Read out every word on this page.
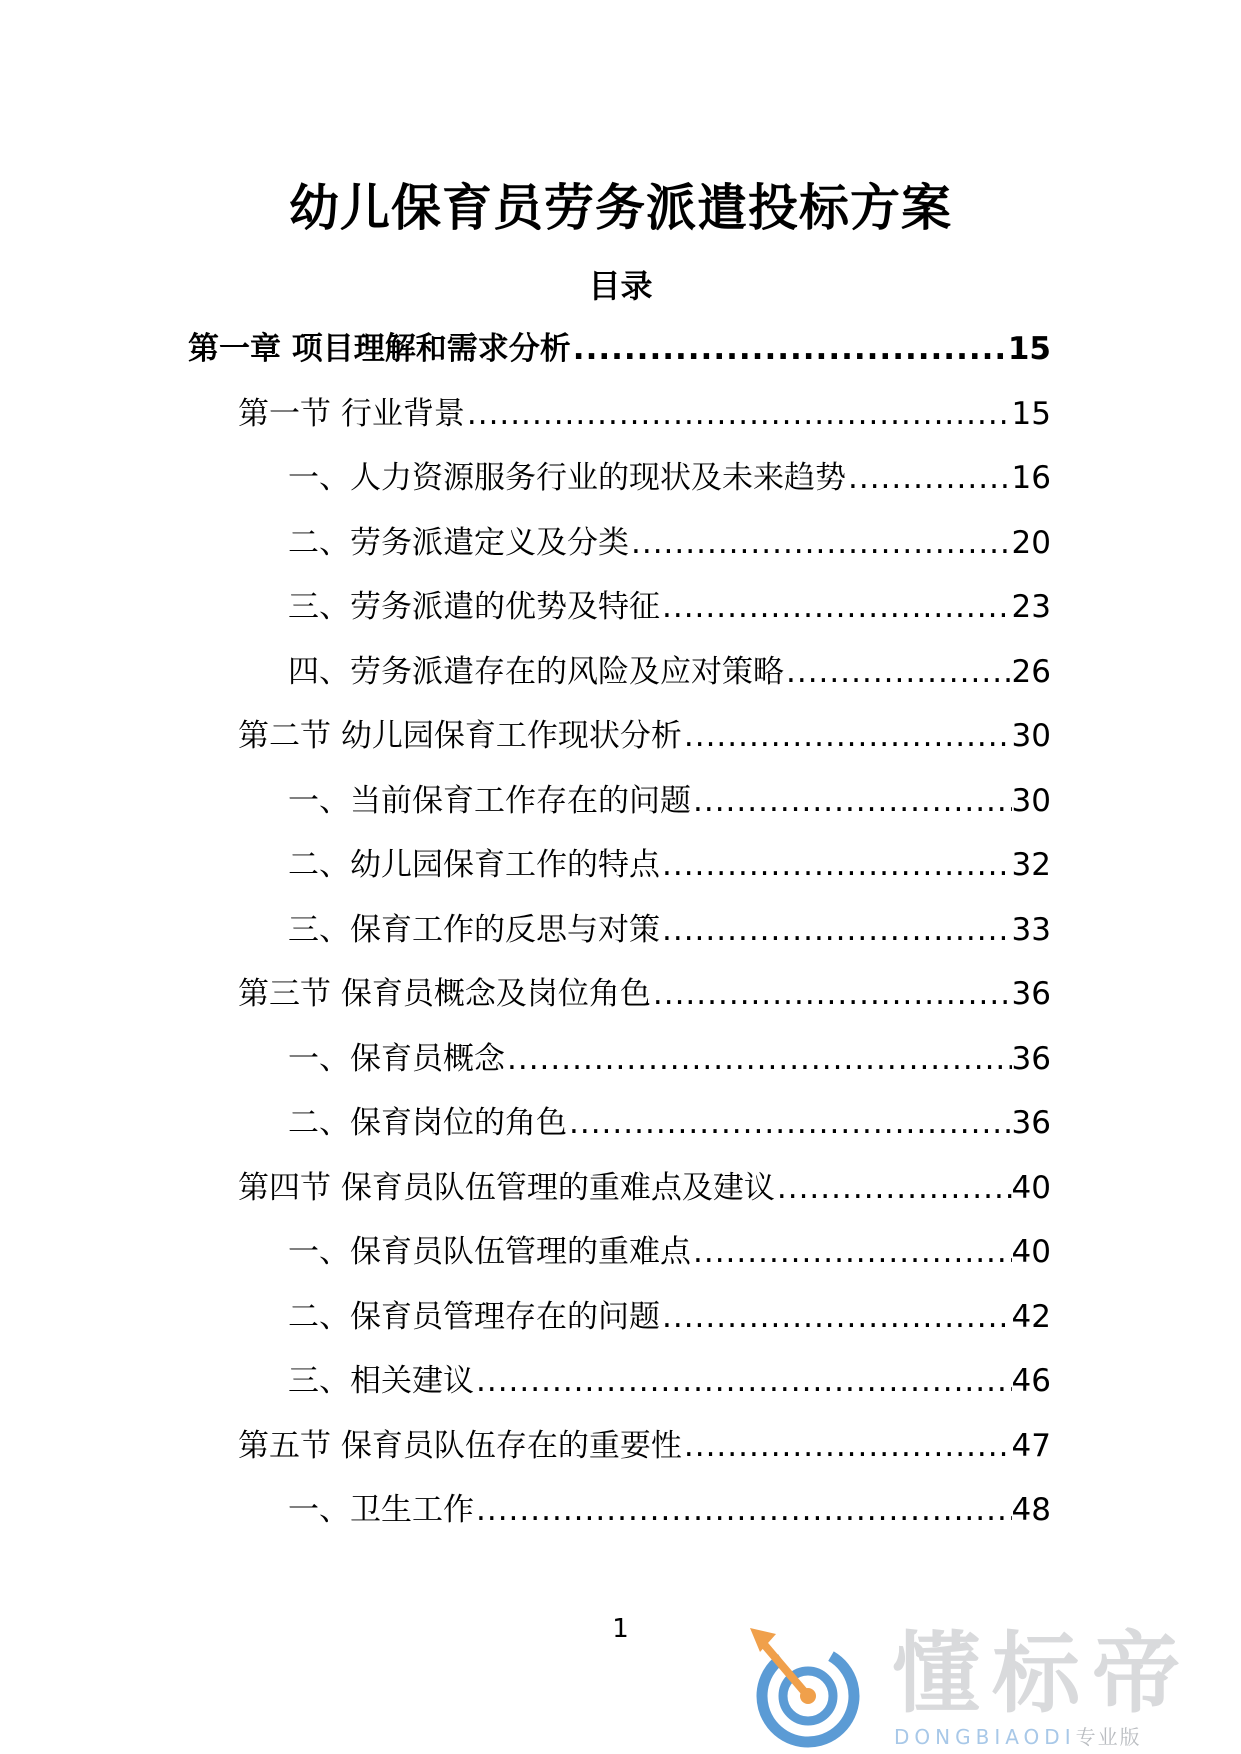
幼儿保育员劳务派遣投标方案
目录
第一章 项目理解和需求分析 .....	15
第一节 行业背景 .....	15
一、人力资源服务行业的现状及未来趋势 .....	16
二、劳务派遣定义及分类 .....	20
三、劳务派遣的优势及特征 .....	23
四、劳务派遣存在的风险及应对策略 .....	26
第二节 幼儿园保育工作现状分析 .....	30
一、当前保育工作存在的问题 .....	30
二、幼儿园保育工作的特点 .....	32
三、保育工作的反思与对策 .....	33
第三节 保育员概念及岗位角色 .....	36
一、保育员概念 .....	36
二、保育岗位的角色 .....	36
第四节 保育员队伍管理的重难点及建议 .....	40
一、保育员队伍管理的重难点 .....	40
二、保育员管理存在的问题 .....	42
三、相关建议 .....	46
第五节 保育员队伍存在的重要性 .....	47
一、卫生工作 .....	48
1	懂标帝
DONGBIAODI专业版
